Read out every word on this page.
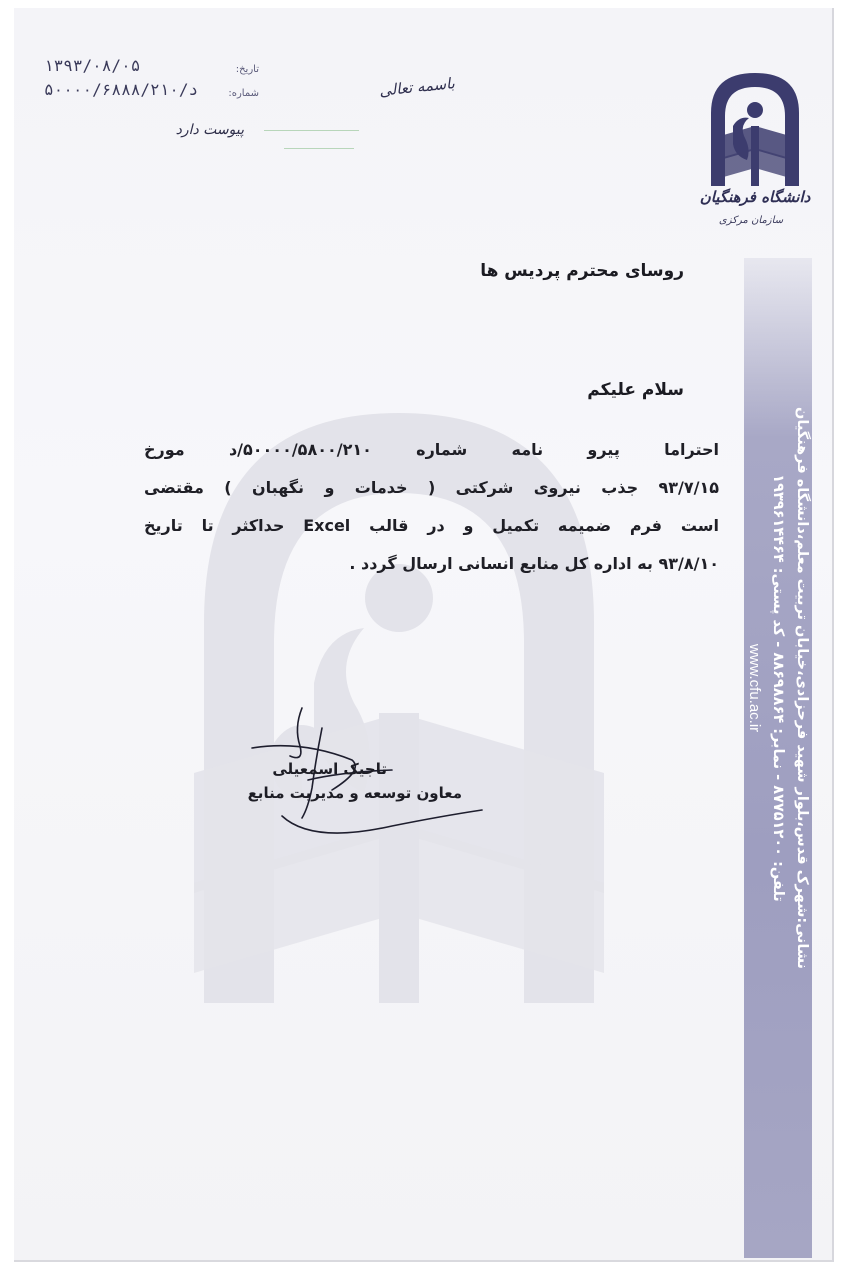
نشانی:شهرک قدس،بلوار شهید فرحزادی،خیابان تربیت معلم،دانشگاه فرهنگیان
تلفن: ۸۷۷۵۱۲۰۰ - نمابر: ۸۸۶۹۸۸۶۴ - کد پستی: ۱۹۳۹۶۱۴۴۶۴
www.cfu.ac.ir
دانشگاه فرهنگیان
سازمان مرکزی
تاریخ:
۱۳۹۳/۰۸/۰۵
شماره:
د/۵۰۰۰۰/۶۸۸۸/۲۱۰
پیوست دارد
باسمه تعالی
روسای محترم پردیس ها
سلام علیکم
احتراما پیرو نامه شماره ۵۰۰۰۰/۵۸۰۰/۲۱۰/د مورخ
۹۳/۷/۱۵ جذب نیروی شرکتی ( خدمات و نگهبان ) مقتضی
است فرم ضمیمه تکمیل و در قالب Excel حداکثر تا تاریخ
۹۳/۸/۱۰ به اداره کل منابع انسانی ارسال گردد .
تاجیک اسمعیلی
معاون توسعه و مدیریت منابع
